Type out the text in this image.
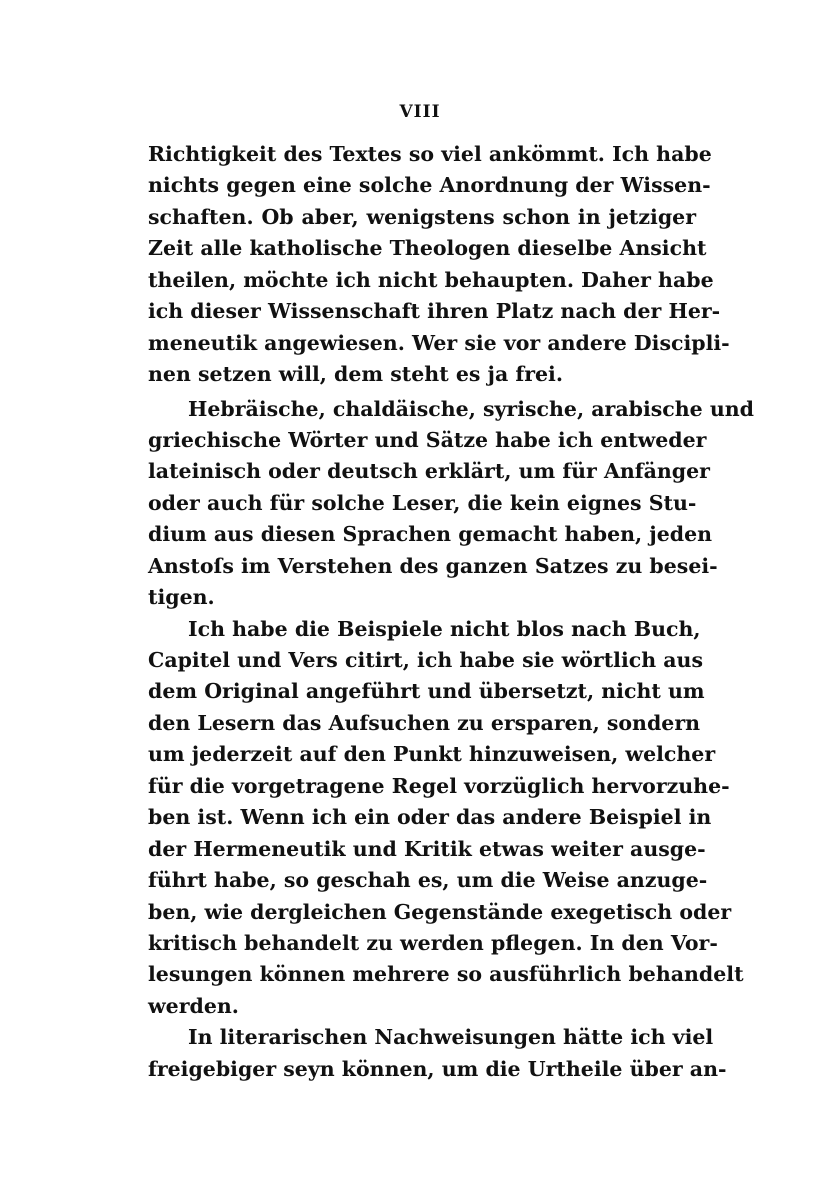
VIII
Richtigkeit des Textes so viel ankömmt. Ich habe
nichts gegen eine solche Anordnung der Wissen-
schaften. Ob aber, wenigstens schon in jetziger
Zeit alle katholische Theologen dieselbe Ansicht
theilen, möchte ich nicht behaupten. Daher habe
ich dieser Wissenschaft ihren Platz nach der Her-
meneutik angewiesen. Wer sie vor andere Discipli-
nen setzen will, dem steht es ja frei.
Hebräische, chaldäische, syrische, arabische und
griechische Wörter und Sätze habe ich entweder
lateinisch oder deutsch erklärt, um für Anfänger
oder auch für solche Leser, die kein eignes Stu-
dium aus diesen Sprachen gemacht haben, jeden
Anstoſs im Verstehen des ganzen Satzes zu besei-
tigen.
Ich habe die Beispiele nicht blos nach Buch,
Capitel und Vers citirt, ich habe sie wörtlich aus
dem Original angeführt und übersetzt, nicht um
den Lesern das Aufsuchen zu ersparen, sondern
um jederzeit auf den Punkt hinzuweisen, welcher
für die vorgetragene Regel vorzüglich hervorzuhe-
ben ist. Wenn ich ein oder das andere Beispiel in
der Hermeneutik und Kritik etwas weiter ausge-
führt habe, so geschah es, um die Weise anzuge-
ben, wie dergleichen Gegenstände exegetisch oder
kritisch behandelt zu werden pflegen. In den Vor-
lesungen können mehrere so ausführlich behandelt
werden.
In literarischen Nachweisungen hätte ich viel
freigebiger seyn können, um die Urtheile über an-
